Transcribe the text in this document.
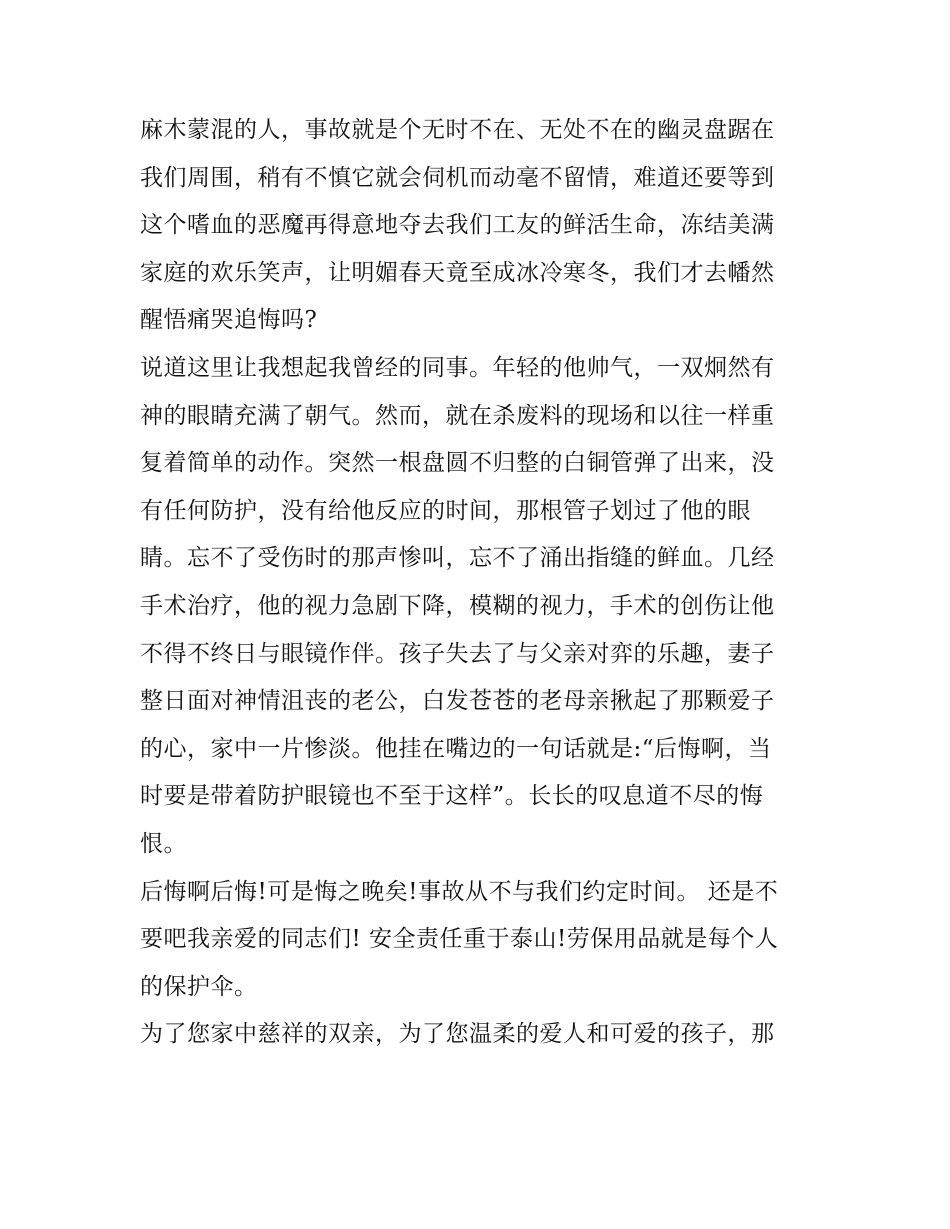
麻木蒙混的人，事故就是个无时不在、无处不在的幽灵盘踞在
我们周围，稍有不慎它就会伺机而动毫不留情，难道还要等到
这个嗜血的恶魔再得意地夺去我们工友的鲜活生命，冻结美满
家庭的欢乐笑声，让明媚春天竟至成冰冷寒冬，我们才去幡然
醒悟痛哭追悔吗?
说道这里让我想起我曾经的同事。年轻的他帅气，一双炯然有
神的眼睛充满了朝气。然而，就在杀废料的现场和以往一样重
复着简单的动作。突然一根盘圆不归整的白铜管弹了出来，没
有任何防护，没有给他反应的时间，那根管子划过了他的眼
睛。忘不了受伤时的那声惨叫，忘不了涌出指缝的鲜血。几经
手术治疗，他的视力急剧下降，模糊的视力，手术的创伤让他
不得不终日与眼镜作伴。孩子失去了与父亲对弈的乐趣，妻子
整日面对神情沮丧的老公，白发苍苍的老母亲揪起了那颗爱子
的心，家中一片惨淡。他挂在嘴边的一句话就是:“后悔啊，当
时要是带着防护眼镜也不至于这样”。长长的叹息道不尽的悔
恨。
后悔啊后悔!可是悔之晚矣!事故从不与我们约定时间。 还是不
要吧我亲爱的同志们! 安全责任重于泰山!劳保用品就是每个人
的保护伞。
为了您家中慈祥的双亲，为了您温柔的爱人和可爱的孩子，那
